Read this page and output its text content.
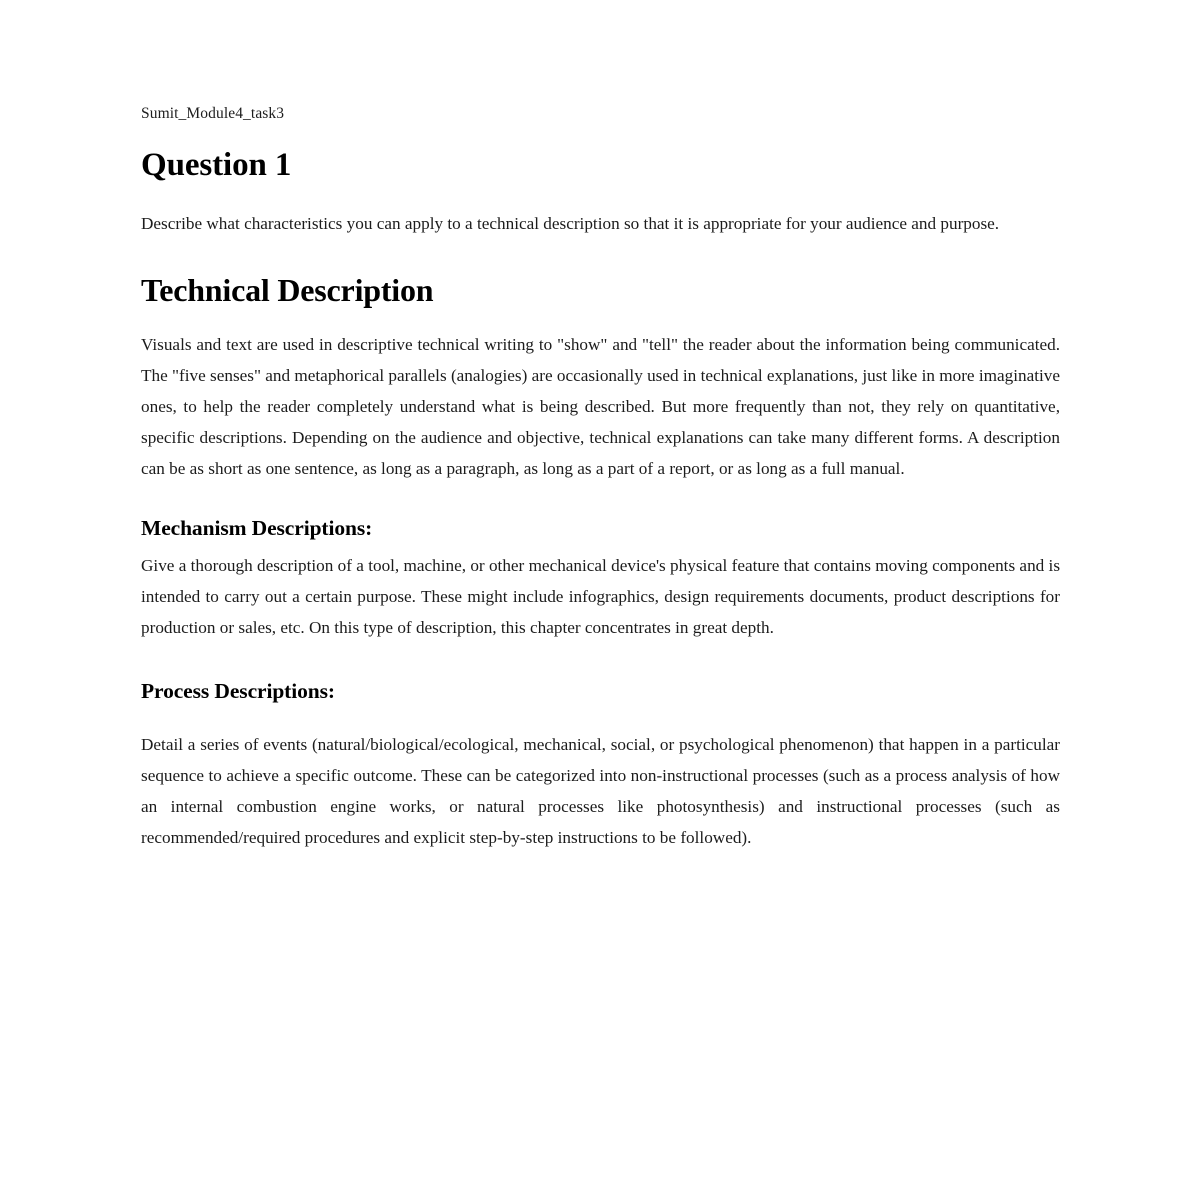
Sumit_Module4_task3
Question 1

Describe what characteristics you can apply to a technical description so that it is appropriate for your audience and purpose.

Technical Description

Visuals and text are used in descriptive technical writing to "show" and "tell" the reader about the information being communicated. The "five senses" and metaphorical parallels (analogies) are occasionally used in technical explanations, just like in more imaginative ones, to help the reader completely understand what is being described. But more frequently than not, they rely on quantitative, specific descriptions. Depending on the audience and objective, technical explanations can take many different forms. A description can be as short as one sentence, as long as a paragraph, as long as a part of a report, or as long as a full manual.

Mechanism Descriptions:

Give a thorough description of a tool, machine, or other mechanical device's physical feature that contains moving components and is intended to carry out a certain purpose. These might include infographics, design requirements documents, product descriptions for production or sales, etc. On this type of description, this chapter concentrates in great depth.

Process Descriptions:

Detail a series of events (natural/biological/ecological, mechanical, social, or psychological phenomenon) that happen in a particular sequence to achieve a specific outcome. These can be categorized into non-instructional processes (such as a process analysis of how an internal combustion engine works, or natural processes like photosynthesis) and instructional processes (such as recommended/required procedures and explicit step-by-step instructions to be followed).
